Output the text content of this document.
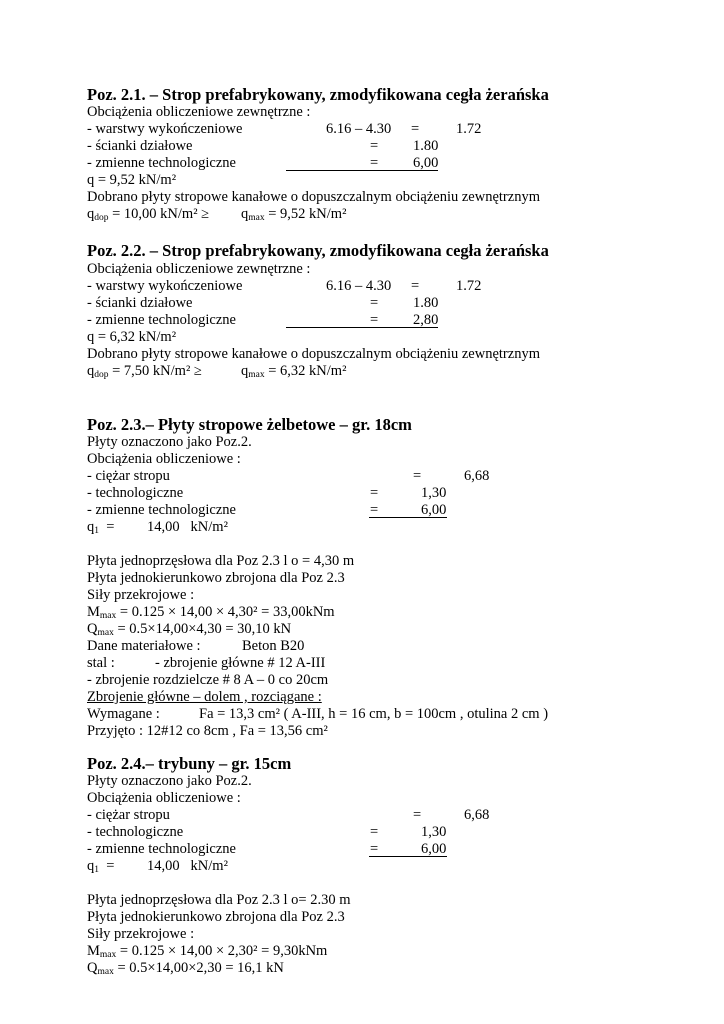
Poz. 2.1. – Strop prefabrykowany, zmodyfikowana cegła żerańska
Obciążenia obliczeniowe zewnętrzne :
- warstwy wykończeniowe	6.16 – 4.30 =	1.72
- ścianki działowe	= 1.80
- zmienne technologiczne	= 6,00
q = 9,52 kN/m²
Dobrano płyty stropowe kanałowe o dopuszczalnym obciążeniu zewnętrznym
$q_{dop} = 10,00$ $kN/m^2 \ge q_{max} = 9,52$ kN/m²
Poz. 2.2. – Strop prefabrykowany, zmodyfikowana cegła żerańska
Obciążenia obliczeniowe zewnętrzne :
- warstwy wykończeniowe	6.16 – 4.30 =	1.72
- ścianki działowe	= 1.80
- zmienne technologiczne	= 2,80
q = 6,32 kN/m²
Dobrano płyty stropowe kanałowe o dopuszczalnym obciążeniu zewnętrznym
$q_{dop} = 7,50$ kN/m² ≥	$q_{max} = 6,32$ kN/m²
Poz. 2.3.– Płyty stropowe żelbetowe – gr. 18cm
Płyty oznaczono jako Poz.2.
Obciążenia obliczeniowe :
- ciężar stropu	=	6,68
- technologiczne	=	1,30
- zmienne technologiczne	=	6,00
$q_1$  =         14,00   kN/m²
Płyta jednoprzęsłowa dla Poz 2.3 l o = 4,30 m
Płyta jednokierunkowo zbrojona dla Poz 2.3
Siły przekrojowe :
$M_{max} = 0.125 \times 14,00 \times 4,30^2 = 33,00kNm$
$Q_{max} = 0.5\times 14,00\times 4,30 = 30,10$ kN
Dane materiałowe :	Beton B20
stal :	- zbrojenie główne # 12 A-III
- zbrojenie rozdzielcze # 8 A – 0 co 20cm
Zbrojenie główne – dolem , rozciągane :
Wymagane :	Fa = 13,3 cm² ( A-III, h = 16 cm, b = 100cm , otulina 2 cm )
Przyjęto : 12#12 co 8cm , Fa = 13,56 cm²
Poz. 2.4.– trybuny – gr. 15cm
Płyty oznaczono jako Poz.2.
Obciążenia obliczeniowe :
- ciężar stropu	=	6,68
- technologiczne	=	1,30
- zmienne technologiczne	=	6,00
$q_1$  =         14,00   kN/m²
Płyta jednoprzęsłowa dla Poz 2.3 l o= 2.30 m
Płyta jednokierunkowo zbrojona dla Poz 2.3
Siły przekrojowe :
$M_{max} = 0.125 \times 14,00 \times 2,30^2 = 9,30kNm$
$Q_{max} = 0.5\times 14,00\times 2,30 = 16,1$ kN
